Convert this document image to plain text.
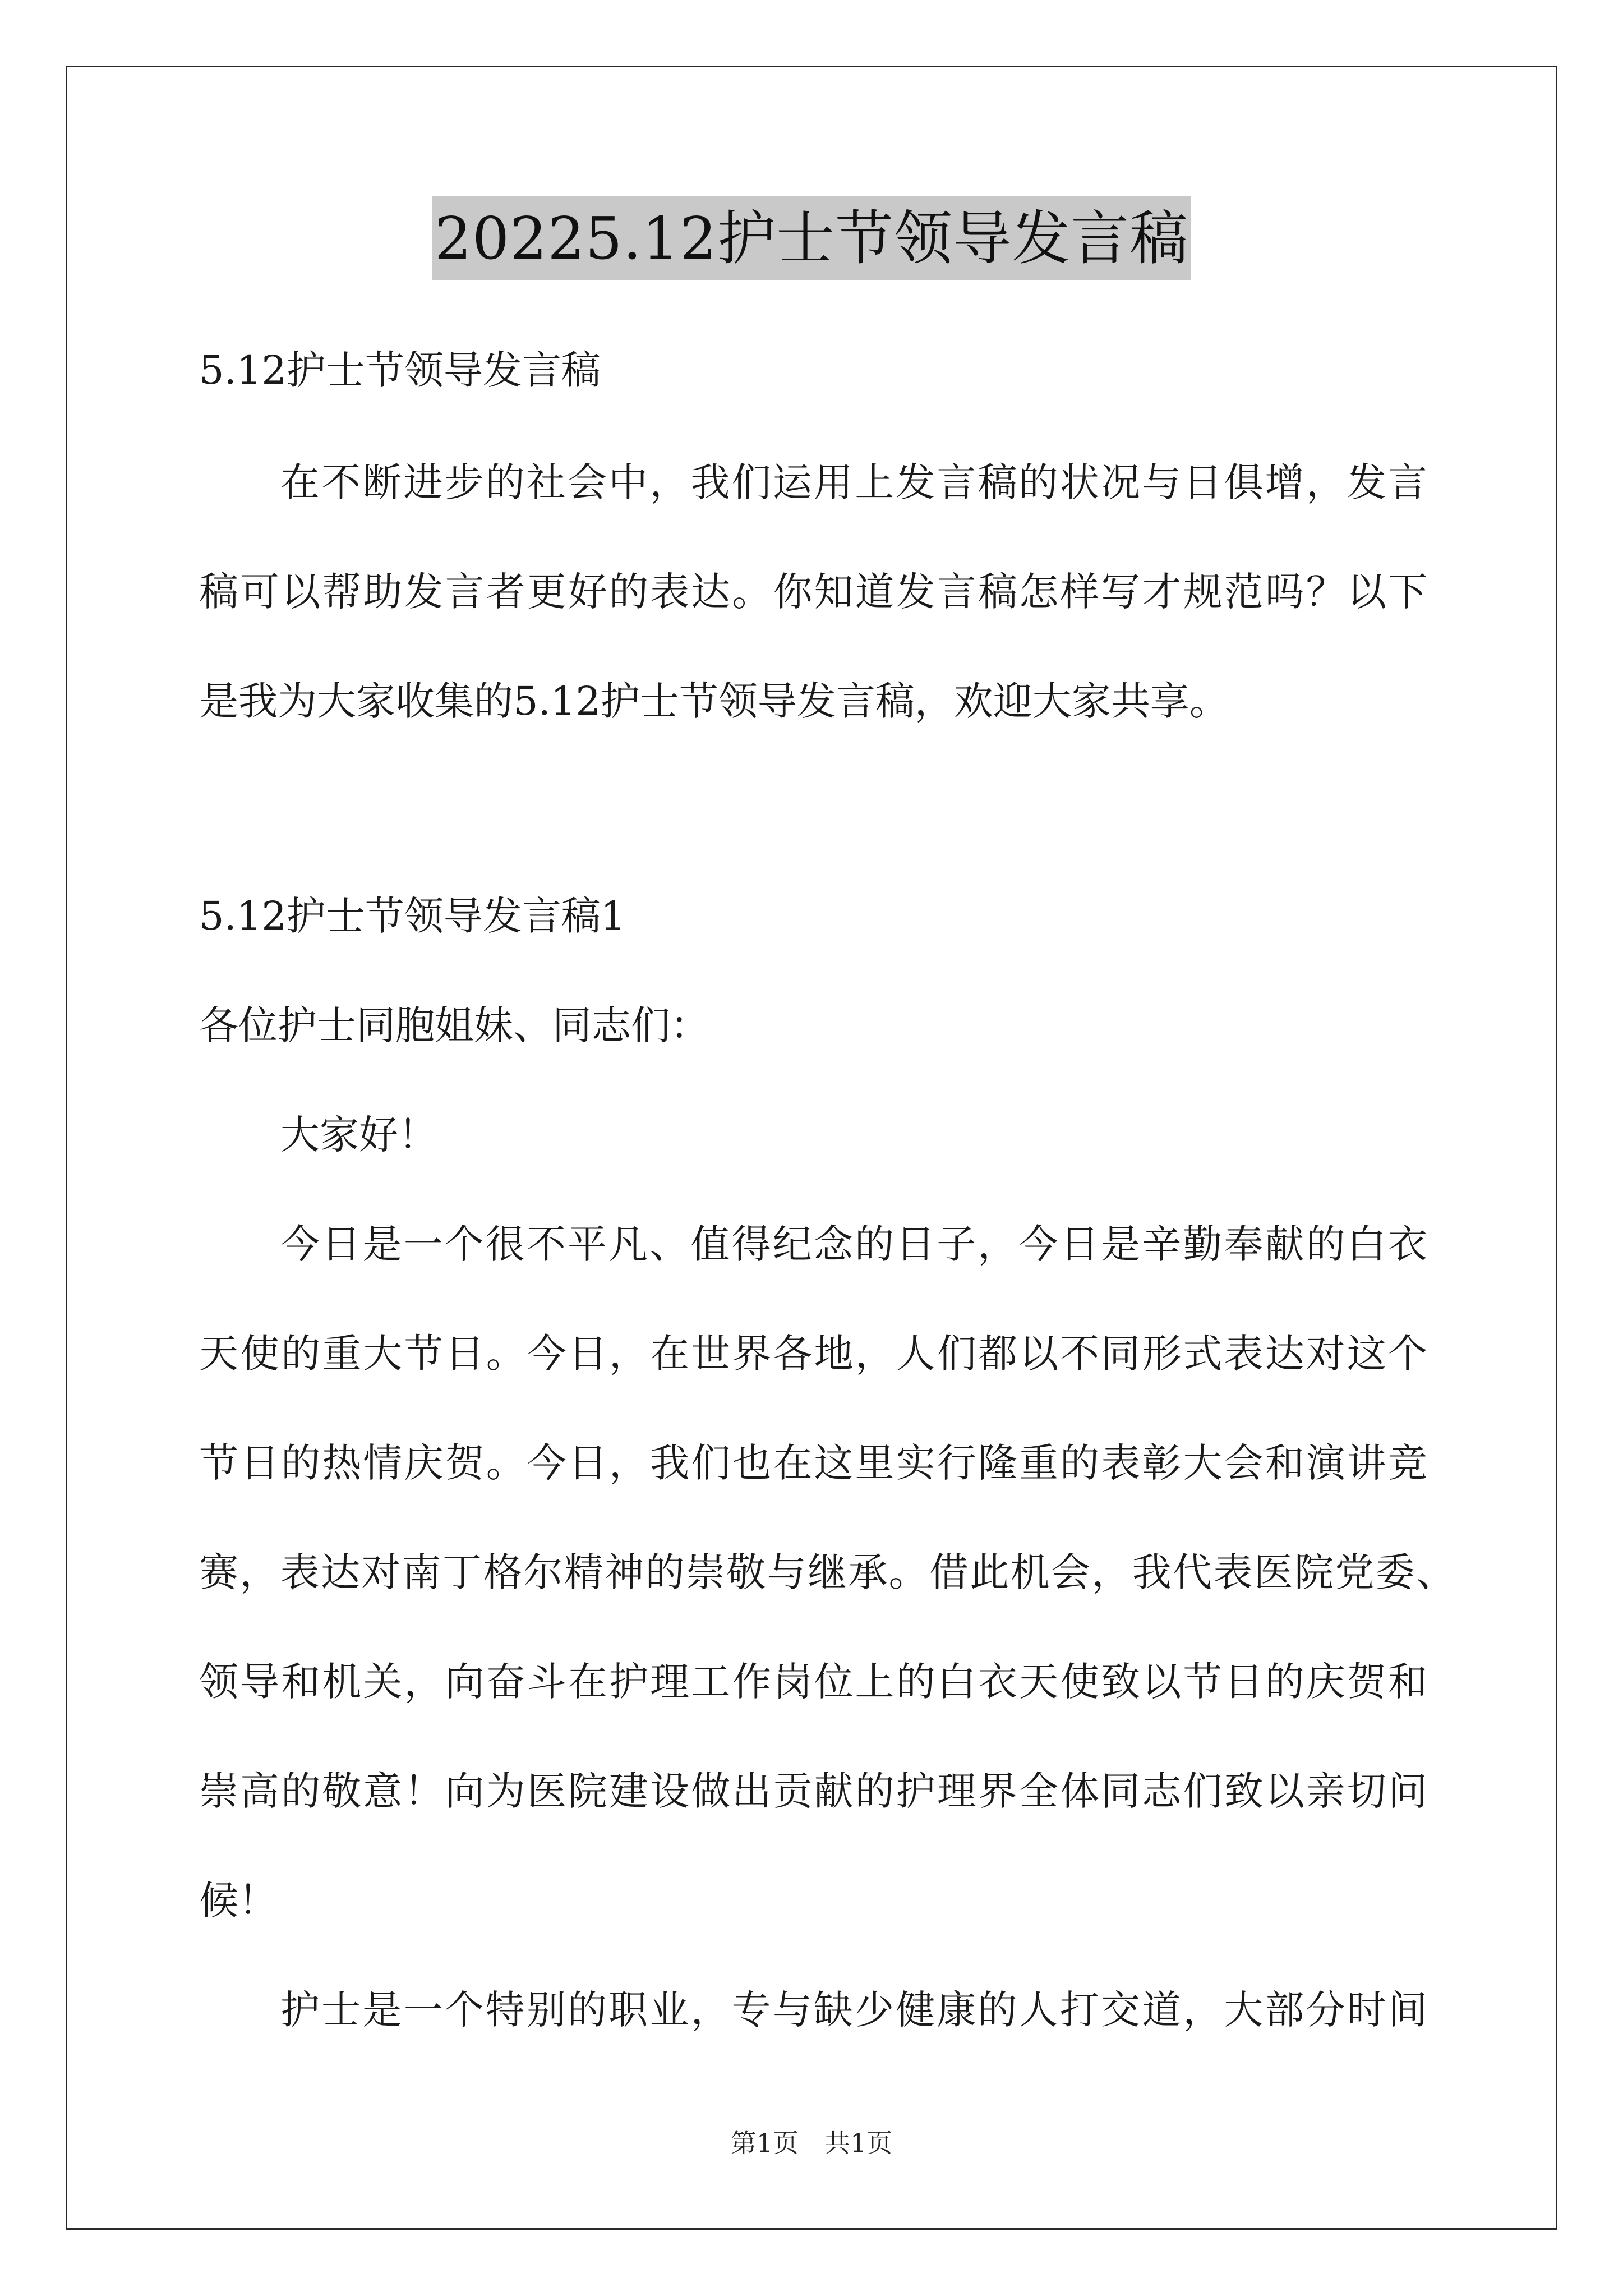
20225.12护士节领导发言稿
5.12护士节领导发言稿
在不断进步的社会中，我们运用上发言稿的状况与日俱增，发言
稿可以帮助发言者更好的表达。你知道发言稿怎样写才规范吗？以下
是我为大家收集的5.12护士节领导发言稿，欢迎大家共享。
5.12护士节领导发言稿1
各位护士同胞姐妹、同志们：
大家好！
今日是一个很不平凡、值得纪念的日子，今日是辛勤奉献的白衣
天使的重大节日。今日，在世界各地，人们都以不同形式表达对这个
节日的热情庆贺。今日，我们也在这里实行隆重的表彰大会和演讲竞
赛，表达对南丁格尔精神的崇敬与继承。借此机会，我代表医院党委、
领导和机关，向奋斗在护理工作岗位上的白衣天使致以节日的庆贺和
崇高的敬意！向为医院建设做出贡献的护理界全体同志们致以亲切问
候！
护士是一个特别的职业，专与缺少健康的人打交道，大部分时间
第1页　共1页
